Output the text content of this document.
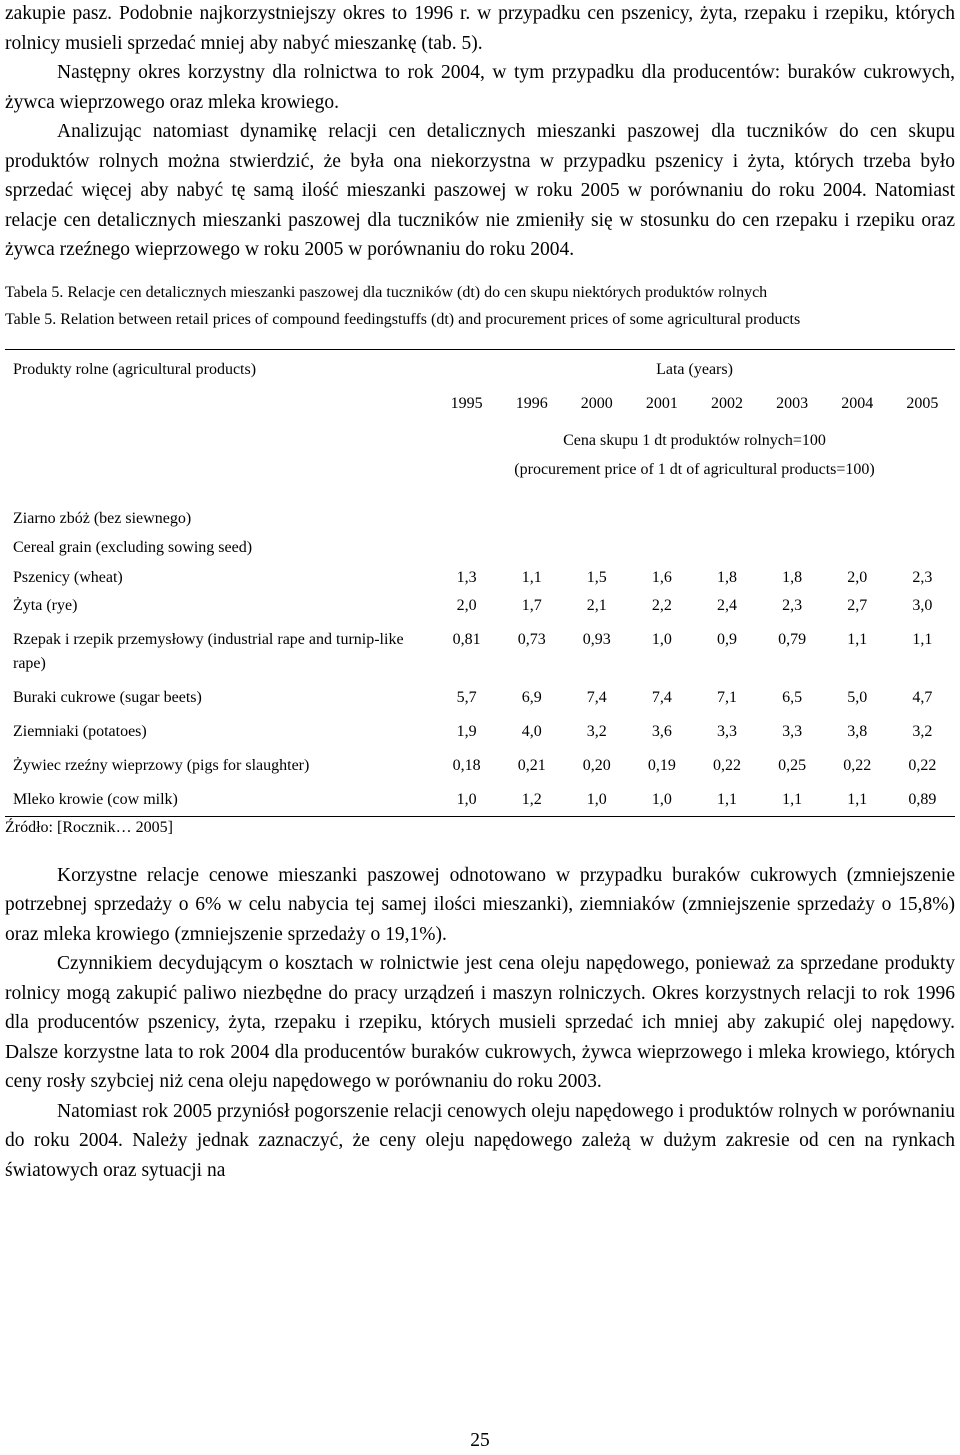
zakupie pasz. Podobnie najkorzystniejszy okres to 1996 r. w przypadku cen pszenicy, żyta, rzepaku i rzepiku, których rolnicy musieli sprzedać mniej aby nabyć mieszankę (tab. 5).

Następny okres korzystny dla rolnictwa to rok 2004, w tym przypadku dla producentów: buraków cukrowych, żywca wieprzowego oraz mleka krowiego.

Analizując natomiast dynamikę relacji cen detalicznych mieszanki paszowej dla tuczników do cen skupu produktów rolnych można stwierdzić, że była ona niekorzystna w przypadku pszenicy i żyta, których trzeba było sprzedać więcej aby nabyć tę samą ilość mieszanki paszowej w roku 2005 w porównaniu do roku 2004. Natomiast relacje cen detalicznych mieszanki paszowej dla tuczników nie zmieniły się w stosunku do cen rzepaku i rzepiku oraz żywca rzeźnego wieprzowego w roku 2005 w porównaniu do roku 2004.

Tabela 5. Relacje cen detalicznych mieszanki paszowej dla tuczników (dt) do cen skupu niektórych produktów rolnych

Table 5. Relation between retail prices of compound feedingstuffs (dt) and procurement prices of some agricultural products

Produkty rolne (agricultural products)	Lata (years)							
	1995	1996	2000	2001	2002	2003	2004	2005

	Cena skupu 1 dt produktów rolnych=100
(procurement price of 1 dt of agricultural products=100)							

Ziarno zbóż (bez siewnego)
Cereal grain (excluding sowing seed)								

Pszenicy (wheat)	1,3	1,1	1,5	1,6	1,8	1,8	2,0	2,3
Żyta (rye)	2,0	1,7	2,1	2,2	2,4	2,3	2,7	3,0
Rzepak i rzepik przemysłowy (industrial rape and turnip-like rape)	0,81	0,73	0,93	1,0	0,9	0,79	1,1	1,1
Buraki cukrowe (sugar beets)	5,7	6,9	7,4	7,4	7,1	6,5	5,0	4,7
Ziemniaki (potatoes)	1,9	4,0	3,2	3,6	3,3	3,3	3,8	3,2
Żywiec rzeźny wieprzowy (pigs for slaughter)	0,18	0,21	0,20	0,19	0,22	0,25	0,22	0,22
Mleko krowie (cow milk)	1,0	1,2	1,0	1,0	1,1	1,1	1,1	0,89

Źródło: [Rocznik… 2005]

Korzystne relacje cenowe mieszanki paszowej odnotowano w przypadku buraków cukrowych (zmniejszenie potrzebnej sprzedaży o 6% w celu nabycia tej samej ilości mieszanki), ziemniaków (zmniejszenie sprzedaży o 15,8%) oraz mleka krowiego (zmniejszenie sprzedaży o 19,1%).

Czynnikiem decydującym o kosztach w rolnictwie jest cena oleju napędowego, ponieważ za sprzedane produkty rolnicy mogą zakupić paliwo niezbędne do pracy urządzeń i maszyn rolniczych. Okres korzystnych relacji to rok 1996 dla producentów pszenicy, żyta, rzepaku i rzepiku, których musieli sprzedać ich mniej aby zakupić olej napędowy. Dalsze korzystne lata to rok 2004 dla producentów buraków cukrowych, żywca wieprzowego i mleka krowiego, których ceny rosły szybciej niż cena oleju napędowego w porównaniu do roku 2003.

Natomiast rok 2005 przyniósł pogorszenie relacji cenowych oleju napędowego i produktów rolnych w porównaniu do roku 2004. Należy jednak zaznaczyć, że ceny oleju napędowego zależą w dużym zakresie od cen na rynkach światowych oraz sytuacji na

25
